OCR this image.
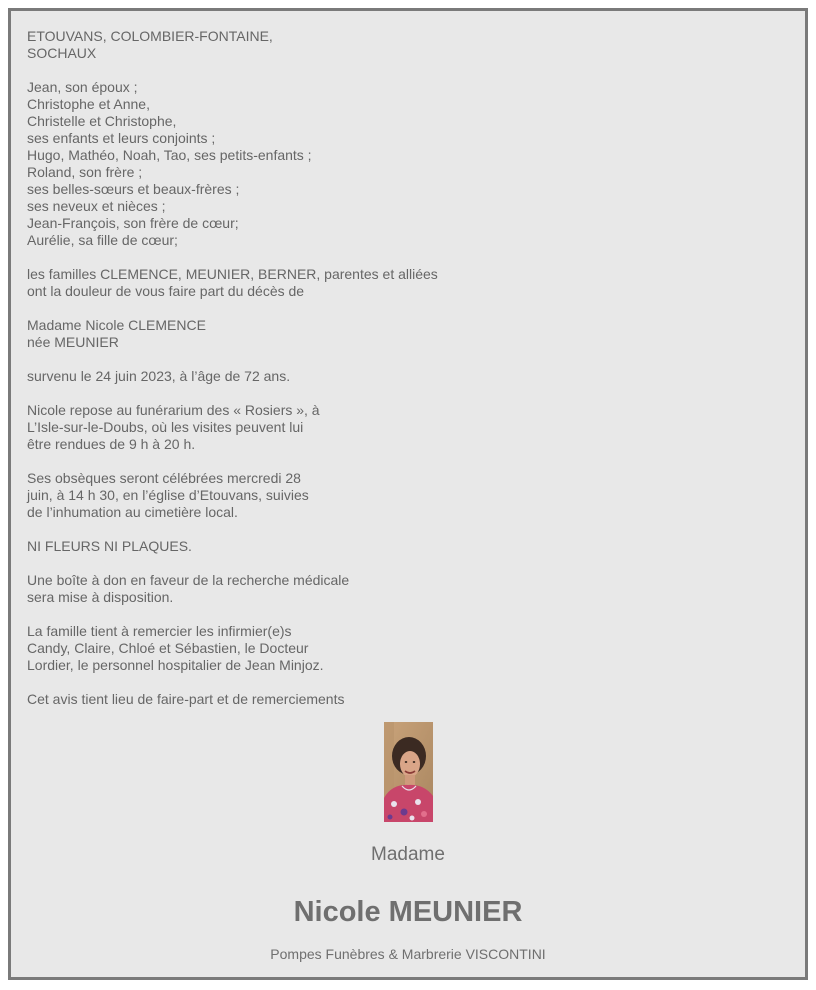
ETOUVANS, COLOMBIER-FONTAINE,
SOCHAUX
Jean, son époux ;
Christophe et Anne,
Christelle et Christophe,
ses enfants et leurs conjoints ;
Hugo, Mathéo, Noah, Tao, ses petits-enfants ;
Roland, son frère ;
ses belles-sœurs et beaux-frères ;
ses neveux et nièces ;
Jean-François, son frère de cœur;
Aurélie, sa fille de cœur;
les familles CLEMENCE, MEUNIER, BERNER, parentes et alliées
ont la douleur de vous faire part du décès de
Madame Nicole CLEMENCE
née MEUNIER
survenu le 24 juin 2023, à l’âge de 72 ans.
Nicole repose au funérarium des « Rosiers », à
L’Isle-sur-le-Doubs, où les visites peuvent lui
être rendues de 9 h à 20 h.
Ses obsèques seront célébrées mercredi 28
juin, à 14 h 30, en l’église d’Etouvans, suivies
de l’inhumation au cimetière local.
NI FLEURS NI PLAQUES.
Une boîte à don en faveur de la recherche médicale
sera mise à disposition.
La famille tient à remercier les infirmier(e)s
Candy, Claire, Chloé et Sébastien, le Docteur
Lordier, le personnel hospitalier de Jean Minjoz.
Cet avis tient lieu de faire-part et de remerciements
Madame
Nicole MEUNIER
Pompes Funèbres & Marbrerie VISCONTINI
